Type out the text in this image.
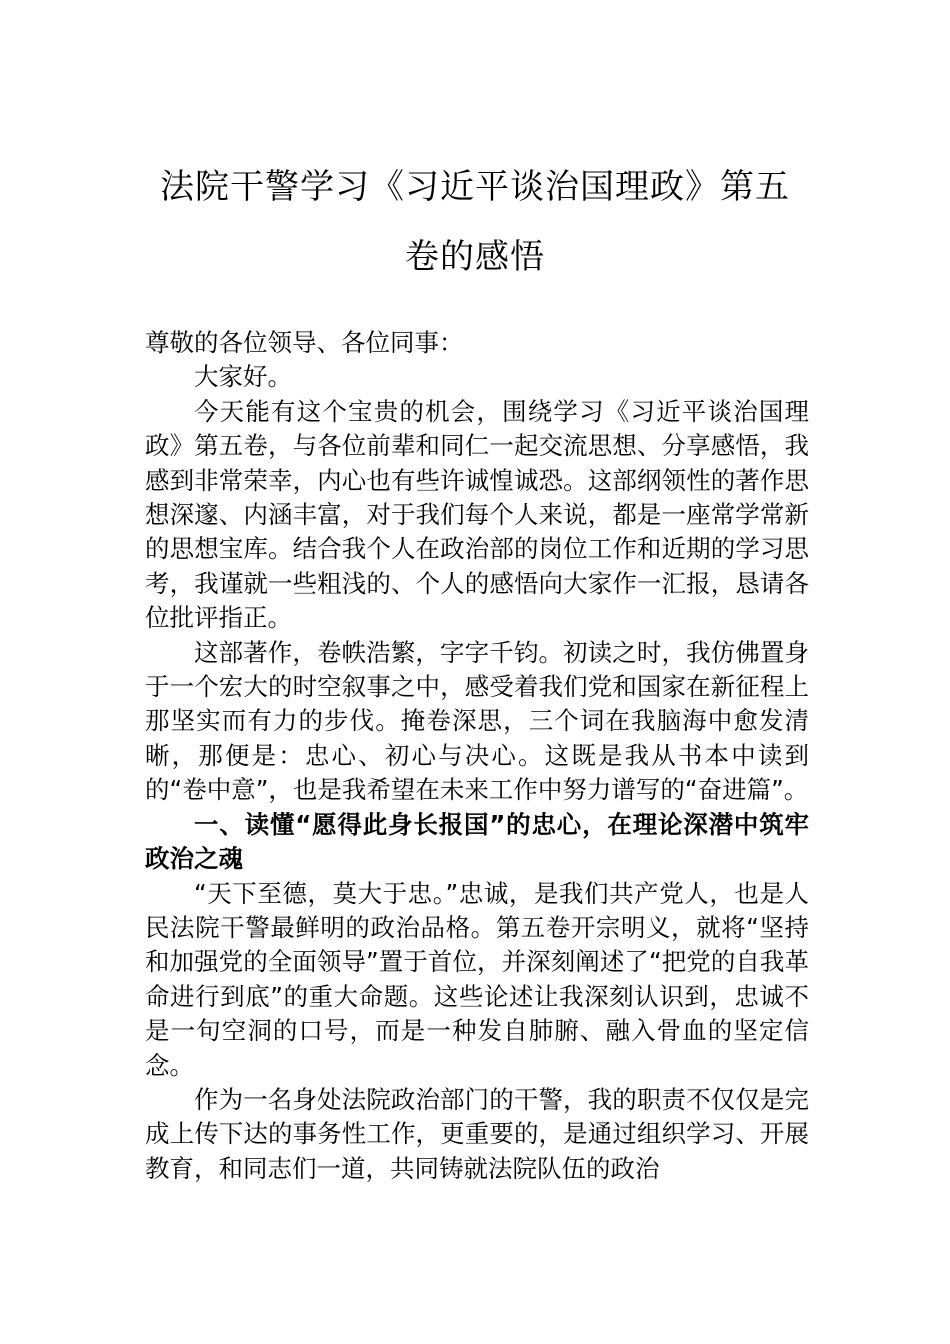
法院干警学习《习近平谈治国理政》第五
卷的感悟

尊敬的各位领导、各位同事：

大家好。

今天能有这个宝贵的机会，围绕学习《习近平谈治国理政》第五卷，与各位前辈和同仁一起交流思想、分享感悟，我感到非常荣幸，内心也有些许诚惶诚恐。这部纲领性的著作思想深邃、内涵丰富，对于我们每个人来说，都是一座常学常新的思想宝库。结合我个人在政治部的岗位工作和近期的学习思考，我谨就一些粗浅的、个人的感悟向大家作一汇报，恳请各位批评指正。

这部著作，卷帙浩繁，字字千钧。初读之时，我仿佛置身于一个宏大的时空叙事之中，感受着我们党和国家在新征程上那坚实而有力的步伐。掩卷深思，三个词在我脑海中愈发清晰，那便是：忠心、初心与决心。这既是我从书本中读到的“卷中意”，也是我希望在未来工作中努力谱写的“奋进篇”。

一、读懂“愿得此身长报国”的忠心，在理论深潜中筑牢政治之魂

“天下至德，莫大于忠。”忠诚，是我们共产党人，也是人民法院干警最鲜明的政治品格。第五卷开宗明义，就将“坚持和加强党的全面领导”置于首位，并深刻阐述了“把党的自我革命进行到底”的重大命题。这些论述让我深刻认识到，忠诚不是一句空洞的口号，而是一种发自肺腑、融入骨血的坚定信念。

作为一名身处法院政治部门的干警，我的职责不仅仅是完成上传下达的事务性工作，更重要的，是通过组织学习、开展教育，和同志们一道，共同铸就法院队伍的政治
